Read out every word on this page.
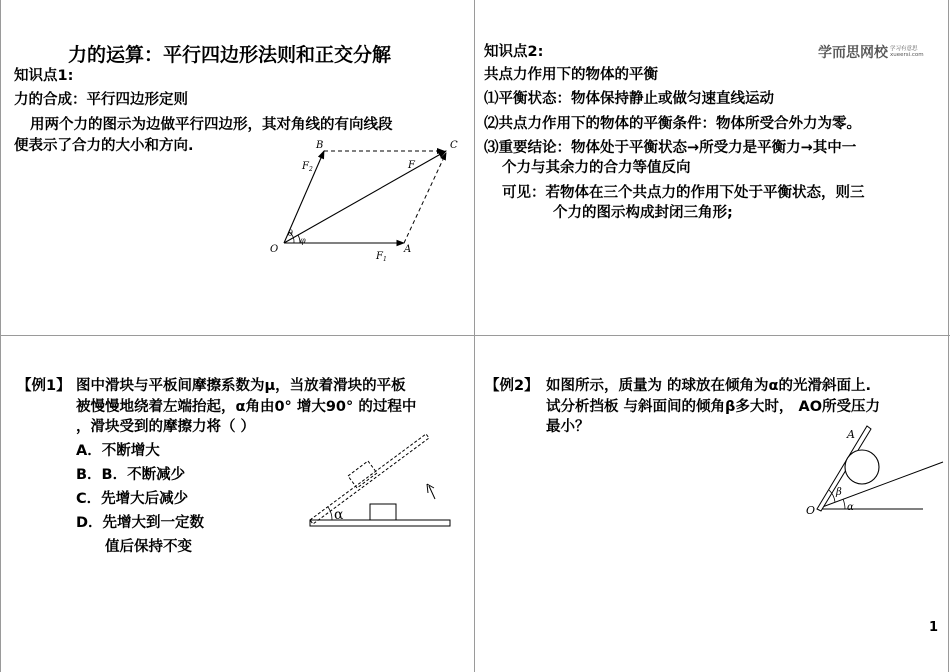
力的运算：平行四边形法则和正交分解
知识点1:
力的合成：平行四边形定则
用两个力的图示为边做平行四边形，其对角线的有向线段
便表示了合力的大小和方向.
O	A
B	C
F
$F_1$
$F_2$
θ
φ
学而思网校 学习有意思
xueersi.com
知识点2:
共点力作用下的物体的平衡
⑴平衡状态：物体保持静止或做匀速直线运动
⑵共点力作用下的物体的平衡条件：物体所受合外力为零。
⑶重要结论：物体处于平衡状态→所受力是平衡力→其中一
个力与其余力的合力等值反向
可见：若物体在三个共点力的作用下处于平衡状态，则三
个力的图示构成封闭三角形;
【例1】 图中滑块与平板间摩擦系数为μ，当放着滑块的平板
被慢慢地绕着左端抬起，α角由0° 增大90° 的过程中
，滑块受到的摩擦力将（ ）
A．不断增大
B．B．不断减少
C．先增大后减少
D．先增大到一定数
值后保持不变
α
【例2】 如图所示，质量为 的球放在倾角为α的光滑斜面上.
试分析挡板 与斜面间的倾角β多大时， AO所受压力
最小？	A
O	α
β
1
